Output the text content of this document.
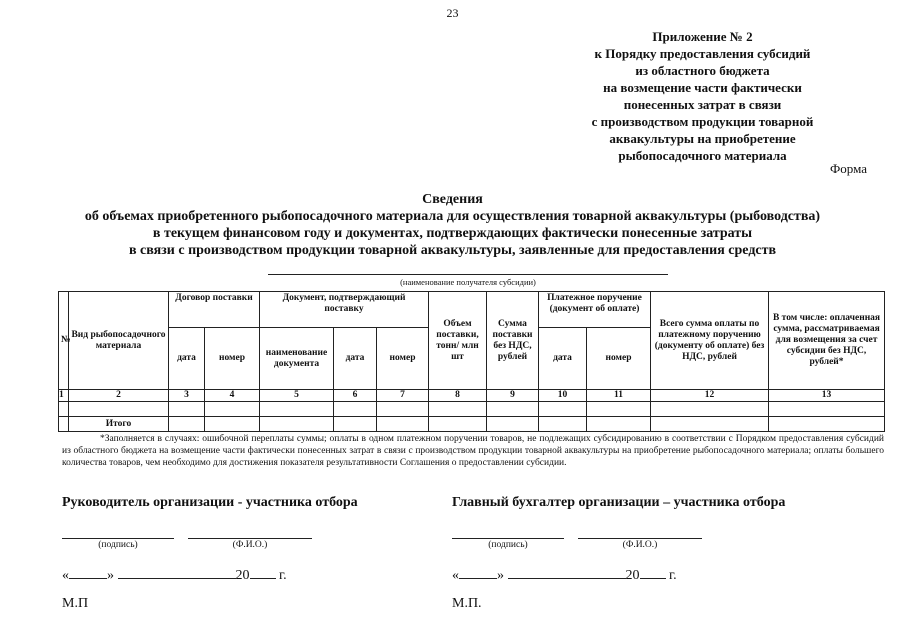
23
Приложение № 2
к Порядку предоставления субсидий
из областного бюджета
на возмещение части фактически
понесенных затрат в связи
с производством продукции товарной
аквакультуры на приобретение
рыбопосадочного материала
Форма
Сведения
об объемах приобретенного рыбопосадочного материала для осуществления товарной аквакультуры (рыбоводства)
в текущем финансовом году и документах, подтверждающих фактически понесенные затраты
в связи с производством продукции товарной аквакультуры, заявленные для предоставления средств
(наименование получателя субсидии)
№	Вид рыбопосадочного материала	Договор поставки		Документ, подтверждающий поставку			Объем поставки, тонн/ млн шт	Сумма поставки без НДС, рублей	Платежное поручение (документ об оплате)		Всего сумма оплаты по платежному поручению (документу об оплате) без НДС, рублей	В том числе: оплаченная сумма, рассматриваемая для возмещения за счет субсидии без НДС, рублей*
		дата	номер	наименование документа	дата	номер			дата	номер		
1	2	3	4	5	6	7	8	9	10	11	12	13

	Итого											
*Заполняется в случаях: ошибочной переплаты суммы; оплаты в одном платежном поручении товаров, не подлежащих субсидированию в соответствии с Порядком предоставления субсидий из областного бюджета на возмещение части фактически понесенных затрат в связи с производством продукции товарной аквакультуры на приобретение рыбопосадочного материала; оплаты большего количества товаров, чем необходимо для достижения показателя результативности Соглашения о предоставлении субсидии.
Руководитель организации - участника отбора
(подпись)	(Ф.И.О.)
«	»	20 г.
М.П
Главный бухгалтер организации – участника отбора
(подпись)	(Ф.И.О.)
«	»	20 г.
М.П.
